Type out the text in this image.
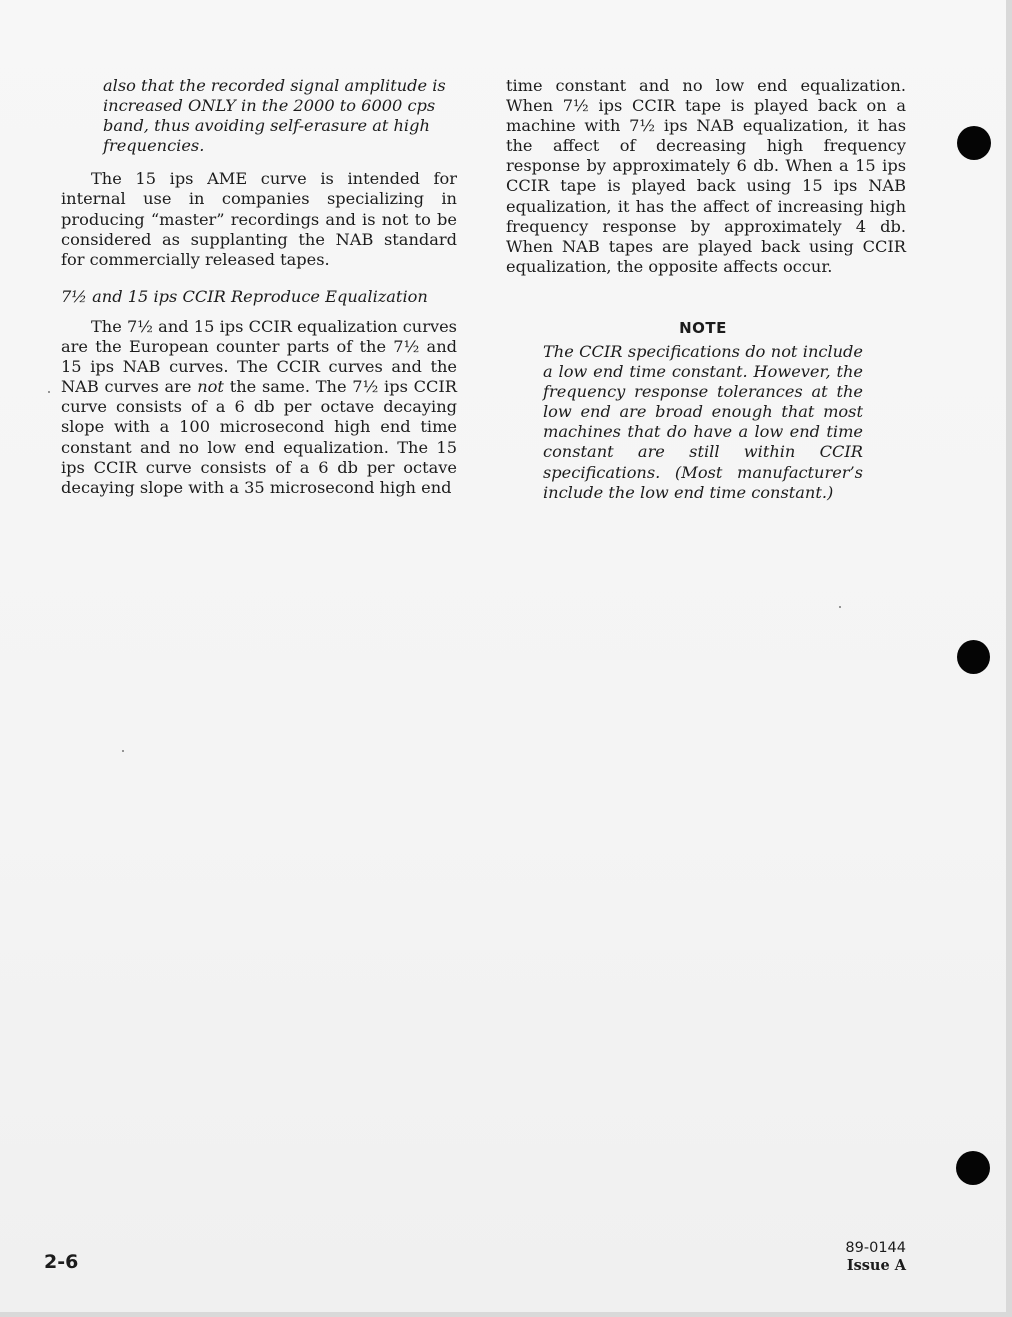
also that the recorded signal amplitude is increased ONLY in the 2000 to 6000 cps band, thus avoiding self-erasure at high frequencies.

The 15 ips AME curve is intended for internal use in companies specializing in producing “master” recordings and is not to be considered as supplanting the NAB standard for commercially released tapes.

7½ and 15 ips CCIR Reproduce Equalization

The 7½ and 15 ips CCIR equalization curves are the European counter parts of the 7½ and 15 ips NAB curves. The CCIR curves and the NAB curves are not the same. The 7½ ips CCIR curve consists of a 6 db per octave decaying slope with a 100 microsecond high end time constant and no low end equalization. The 15 ips CCIR curve consists of a 6 db per octave decaying slope with a 35 microsecond high end

time constant and no low end equalization. When 7½ ips CCIR tape is played back on a machine with 7½ ips NAB equalization, it has the affect of decreasing high frequency response by approximately 6 db. When a 15 ips CCIR tape is played back using 15 ips NAB equalization, it has the affect of increasing high frequency response by approximately 4 db. When NAB tapes are played back using CCIR equalization, the opposite affects occur.

NOTE

The CCIR specifications do not include a low end time constant. However, the frequency response tolerances at the low end are broad enough that most machines that do have a low end time constant are still within CCIR specifications. (Most manufacturer’s include the low end time constant.)

2-6

89-0144

Issue A
